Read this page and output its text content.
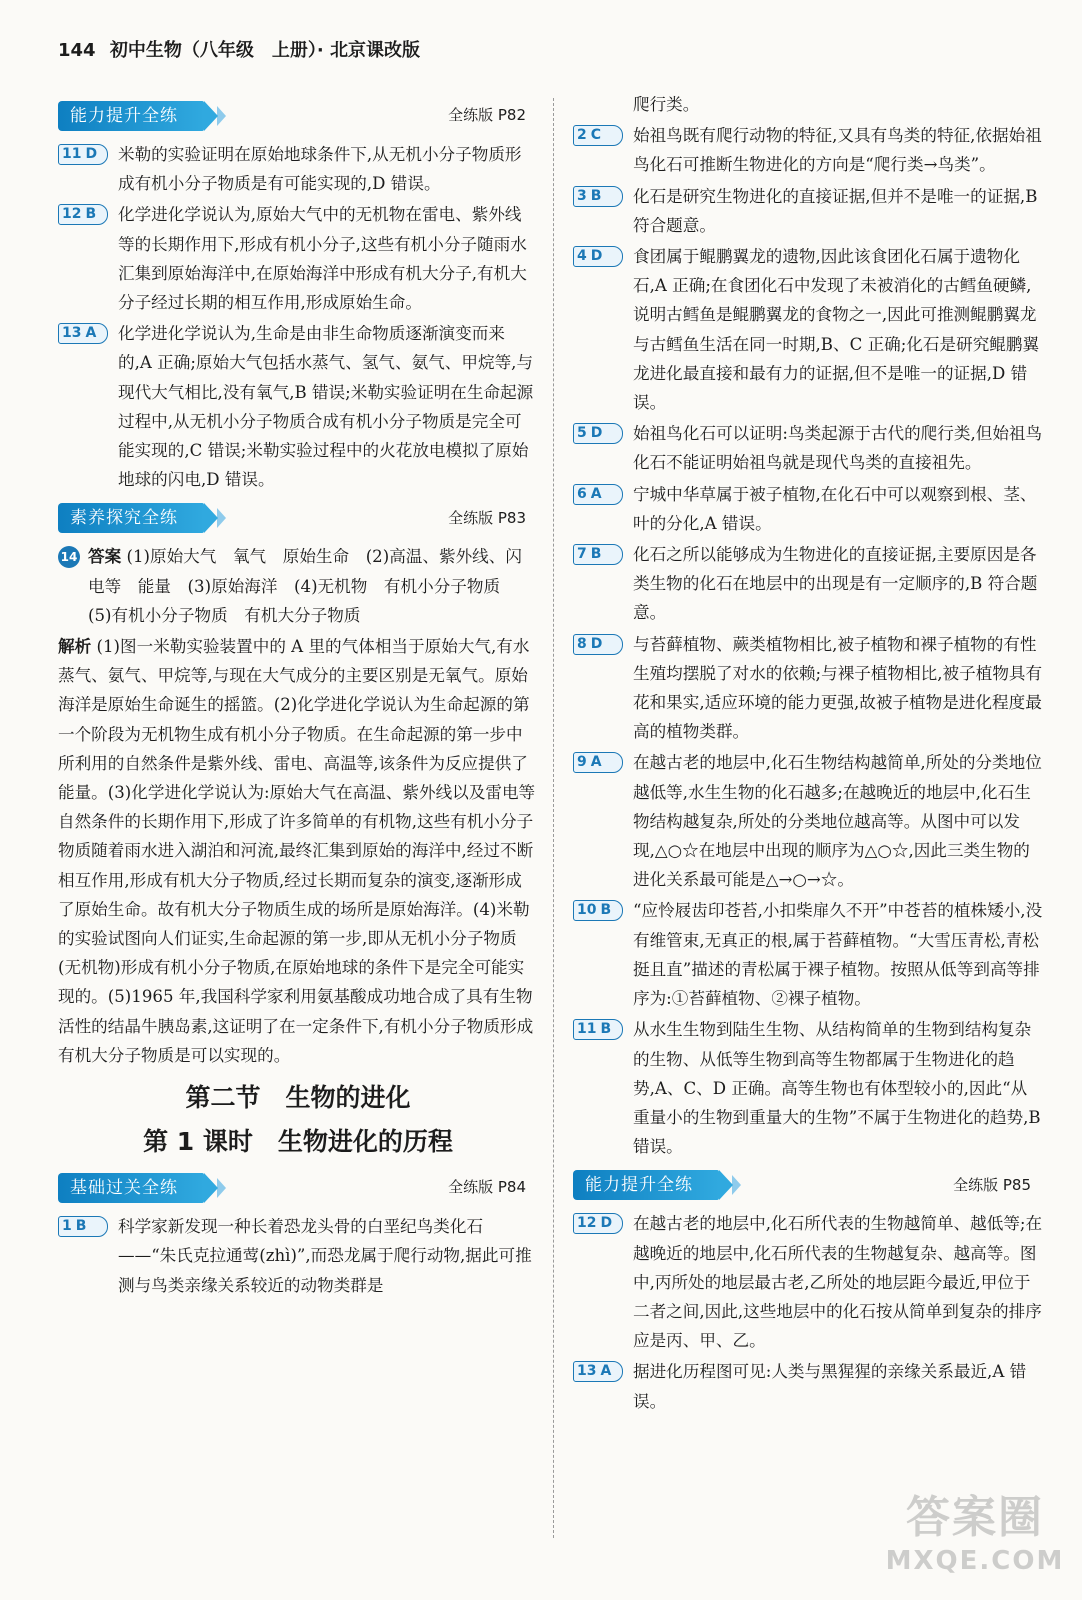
144 初中生物（八年级　上册）· 北京课改版
能力提升全练	全练版 P82
11 D	米勒的实验证明在原始地球条件下,从无机小分子物质形成有机小分子物质是有可能实现的,D 错误。
12 B	化学进化学说认为,原始大气中的无机物在雷电、紫外线等的长期作用下,形成有机小分子,这些有机小分子随雨水汇集到原始海洋中,在原始海洋中形成有机大分子,有机大分子经过长期的相互作用,形成原始生命。
13 A	化学进化学说认为,生命是由非生命物质逐渐演变而来的,A 正确;原始大气包括水蒸气、氢气、氨气、甲烷等,与现代大气相比,没有氧气,B 错误;米勒实验证明在生命起源过程中,从无机小分子物质合成有机小分子物质是完全可能实现的,C 错误;米勒实验过程中的火花放电模拟了原始地球的闪电,D 错误。
素养探究全练	全练版 P83
14 答案 (1)原始大气　氧气　原始生命　(2)高温、紫外线、闪电等　能量　(3)原始海洋　(4)无机物　有机小分子物质　(5)有机小分子物质　有机大分子物质
解析 (1)图一米勒实验装置中的 A 里的气体相当于原始大气,有水蒸气、氨气、甲烷等,与现在大气成分的主要区别是无氧气。原始海洋是原始生命诞生的摇篮。(2)化学进化学说认为生命起源的第一个阶段为无机物生成有机小分子物质。在生命起源的第一步中所利用的自然条件是紫外线、雷电、高温等,该条件为反应提供了能量。(3)化学进化学说认为:原始大气在高温、紫外线以及雷电等自然条件的长期作用下,形成了许多简单的有机物,这些有机小分子物质随着雨水进入湖泊和河流,最终汇集到原始的海洋中,经过不断相互作用,形成有机大分子物质,经过长期而复杂的演变,逐渐形成了原始生命。故有机大分子物质生成的场所是原始海洋。(4)米勒的实验试图向人们证实,生命起源的第一步,即从无机小分子物质(无机物)形成有机小分子物质,在原始地球的条件下是完全可能实现的。(5)1965 年,我国科学家利用氨基酸成功地合成了具有生物活性的结晶牛胰岛素,这证明了在一定条件下,有机小分子物质形成有机大分子物质是可以实现的。
第二节　生物的进化
第 1 课时　生物进化的历程
基础过关全练	全练版 P84
1 B	科学家新发现一种长着恐龙头骨的白垩纪鸟类化石——“朱氏克拉通莺(zhì)”,而恐龙属于爬行动物,据此可推测与鸟类亲缘关系较近的动物类群是
爬行类。
2 C	始祖鸟既有爬行动物的特征,又具有鸟类的特征,依据始祖鸟化石可推断生物进化的方向是“爬行类→鸟类”。
3 B	化石是研究生物进化的直接证据,但并不是唯一的证据,B 符合题意。
4 D	食团属于鲲鹏翼龙的遗物,因此该食团化石属于遗物化石,A 正确;在食团化石中发现了未被消化的古鳕鱼硬鳞,说明古鳕鱼是鲲鹏翼龙的食物之一,因此可推测鲲鹏翼龙与古鳕鱼生活在同一时期,B、C 正确;化石是研究鲲鹏翼龙进化最直接和最有力的证据,但不是唯一的证据,D 错误。
5 D	始祖鸟化石可以证明:鸟类起源于古代的爬行类,但始祖鸟化石不能证明始祖鸟就是现代鸟类的直接祖先。
6 A	宁城中华草属于被子植物,在化石中可以观察到根、茎、叶的分化,A 错误。
7 B	化石之所以能够成为生物进化的直接证据,主要原因是各类生物的化石在地层中的出现是有一定顺序的,B 符合题意。
8 D	与苔藓植物、蕨类植物相比,被子植物和裸子植物的有性生殖均摆脱了对水的依赖;与裸子植物相比,被子植物具有花和果实,适应环境的能力更强,故被子植物是进化程度最高的植物类群。
9 A	在越古老的地层中,化石生物结构越简单,所处的分类地位越低等,水生生物的化石越多;在越晚近的地层中,化石生物结构越复杂,所处的分类地位越高等。从图中可以发现,△○☆在地层中出现的顺序为△○☆,因此三类生物的进化关系最可能是△→○→☆。
10 B	“应怜屐齿印苍苔,小扣柴扉久不开”中苍苔的植株矮小,没有维管束,无真正的根,属于苔藓植物。“大雪压青松,青松挺且直”描述的青松属于裸子植物。按照从低等到高等排序为:①苔藓植物、②裸子植物。
11 B	从水生生物到陆生生物、从结构简单的生物到结构复杂的生物、从低等生物到高等生物都属于生物进化的趋势,A、C、D 正确。高等生物也有体型较小的,因此“从重量小的生物到重量大的生物”不属于生物进化的趋势,B 错误。
能力提升全练	全练版 P85
12 D	在越古老的地层中,化石所代表的生物越简单、越低等;在越晚近的地层中,化石所代表的生物越复杂、越高等。图中,丙所处的地层最古老,乙所处的地层距今最近,甲位于二者之间,因此,这些地层中的化石按从简单到复杂的排序应是丙、甲、乙。
13 A	据进化历程图可见:人类与黑猩猩的亲缘关系最近,A 错误。
答案圈
MXQE.COM
